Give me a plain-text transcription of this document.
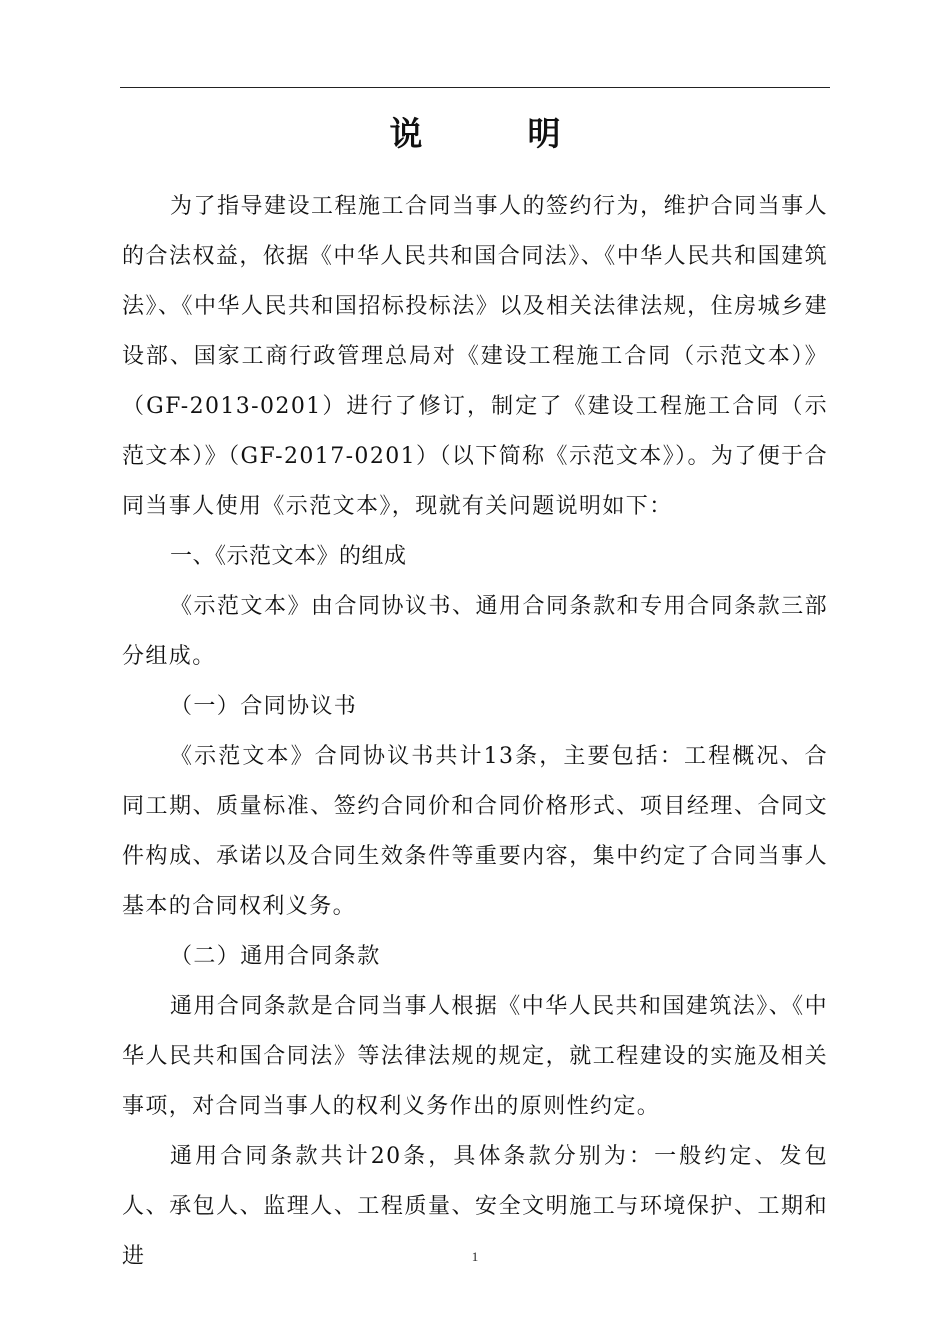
说　明

为了指导建设工程施工合同当事人的签约行为，维护合同当事人的合法权益，依据《中华人民共和国合同法》、《中华人民共和国建筑法》、《中华人民共和国招标投标法》以及相关法律法规，住房城乡建设部、国家工商行政管理总局对《建设工程施工合同（示范文本）》（GF-2013-0201）进行了修订，制定了《建设工程施工合同（示范文本）》（GF-2017-0201）（以下简称《示范文本》）。为了便于合同当事人使用《示范文本》，现就有关问题说明如下：

一、《示范文本》的组成

《示范文本》由合同协议书、通用合同条款和专用合同条款三部分组成。

（一）合同协议书

《示范文本》合同协议书共计13条，主要包括：工程概况、合同工期、质量标准、签约合同价和合同价格形式、项目经理、合同文件构成、承诺以及合同生效条件等重要内容，集中约定了合同当事人基本的合同权利义务。

（二）通用合同条款

通用合同条款是合同当事人根据《中华人民共和国建筑法》、《中华人民共和国合同法》等法律法规的规定，就工程建设的实施及相关事项，对合同当事人的权利义务作出的原则性约定。

通用合同条款共计20条，具体条款分别为：一般约定、发包人、承包人、监理人、工程质量、安全文明施工与环境保护、工期和进	1
